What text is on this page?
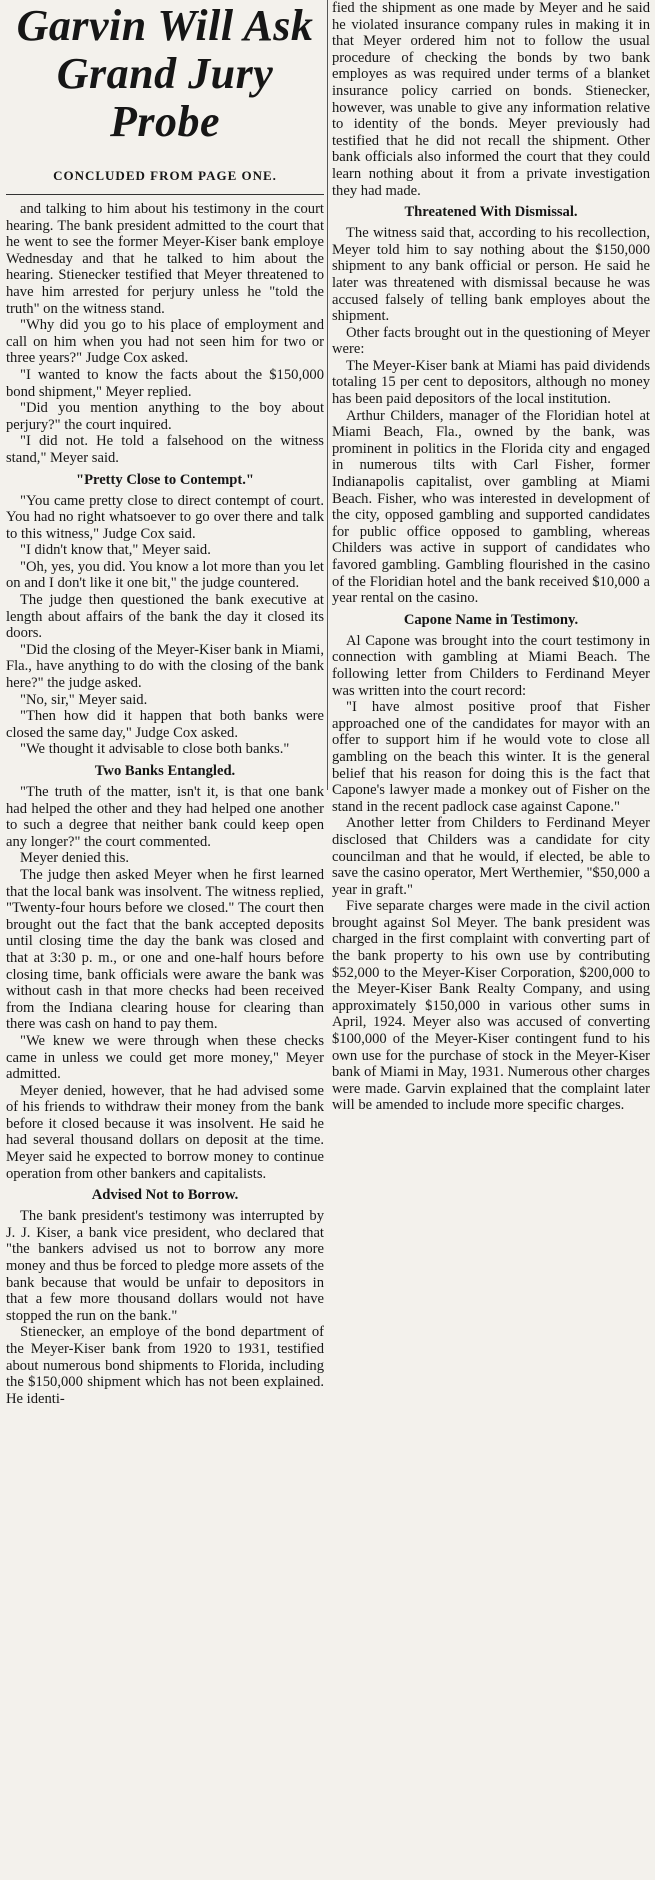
Garvin Will Ask Grand Jury Probe
CONCLUDED FROM PAGE ONE.

and talking to him about his testimony in the court hearing. The bank president admitted to the court that he went to see the former Meyer-Kiser bank employe Wednesday and that he talked to him about the hearing. Stienecker testified that Meyer threatened to have him arrested for perjury unless he "told the truth" on the witness stand.

"Why did you go to his place of employment and call on him when you had not seen him for two or three years?" Judge Cox asked.

"I wanted to know the facts about the $150,000 bond shipment," Meyer replied.

"Did you mention anything to the boy about perjury?" the court inquired.

"I did not. He told a falsehood on the witness stand," Meyer said.

"Pretty Close to Contempt."

"You came pretty close to direct contempt of court. You had no right whatsoever to go over there and talk to this witness," Judge Cox said.

"I didn't know that," Meyer said.

"Oh, yes, you did. You know a lot more than you let on and I don't like it one bit," the judge countered.

The judge then questioned the bank executive at length about affairs of the bank the day it closed its doors.

"Did the closing of the Meyer-Kiser bank in Miami, Fla., have anything to do with the closing of the bank here?" the judge asked.

"No, sir," Meyer said.

"Then how did it happen that both banks were closed the same day," Judge Cox asked.

"We thought it advisable to close both banks."

Two Banks Entangled.

"The truth of the matter, isn't it, is that one bank had helped the other and they had helped one another to such a degree that neither bank could keep open any longer?" the court commented.

Meyer denied this.

The judge then asked Meyer when he first learned that the local bank was insolvent. The witness replied, "Twenty-four hours before we closed." The court then brought out the fact that the bank accepted deposits until closing time the day the bank was closed and that at 3:30 p. m., or one and one-half hours before closing time, bank officials were aware the bank was without cash in that more checks had been received from the Indiana clearing house for clearing than there was cash on hand to pay them.

"We knew we were through when these checks came in unless we could get more money," Meyer admitted.

Meyer denied, however, that he had advised some of his friends to withdraw their money from the bank before it closed because it was insolvent. He said he had several thousand dollars on deposit at the time. Meyer said he expected to borrow money to continue operation from other bankers and capitalists.

Advised Not to Borrow.

The bank president's testimony was interrupted by J. J. Kiser, a bank vice president, who declared that "the bankers advised us not to borrow any more money and thus be forced to pledge more assets of the bank because that would be unfair to depositors in that a few more thousand dollars would not have stopped the run on the bank."

Stienecker, an employe of the bond department of the Meyer-Kiser bank from 1920 to 1931, testified about numerous bond shipments to Florida, including the $150,000 shipment which has not been explained. He identi-

fied the shipment as one made by Meyer and he said he violated insurance company rules in making it in that Meyer ordered him not to follow the usual procedure of checking the bonds by two bank employes as was required under terms of a blanket insurance policy carried on bonds. Stienecker, however, was unable to give any information relative to identity of the bonds. Meyer previously had testified that he did not recall the shipment. Other bank officials also informed the court that they could learn nothing about it from a private investigation they had made.

Threatened With Dismissal.

The witness said that, according to his recollection, Meyer told him to say nothing about the $150,000 shipment to any bank official or person. He said he later was threatened with dismissal because he was accused falsely of telling bank employes about the shipment.

Other facts brought out in the questioning of Meyer were:

The Meyer-Kiser bank at Miami has paid dividends totaling 15 per cent to depositors, although no money has been paid depositors of the local institution.

Arthur Childers, manager of the Floridian hotel at Miami Beach, Fla., owned by the bank, was prominent in politics in the Florida city and engaged in numerous tilts with Carl Fisher, former Indianapolis capitalist, over gambling at Miami Beach. Fisher, who was interested in development of the city, opposed gambling and supported candidates for public office opposed to gambling, whereas Childers was active in support of candidates who favored gambling. Gambling flourished in the casino of the Floridian hotel and the bank received $10,000 a year rental on the casino.

Capone Name in Testimony.

Al Capone was brought into the court testimony in connection with gambling at Miami Beach. The following letter from Childers to Ferdinand Meyer was written into the court record:

"I have almost positive proof that Fisher approached one of the candidates for mayor with an offer to support him if he would vote to close all gambling on the beach this winter. It is the general belief that his reason for doing this is the fact that Capone's lawyer made a monkey out of Fisher on the stand in the recent padlock case against Capone."

Another letter from Childers to Ferdinand Meyer disclosed that Childers was a candidate for city councilman and that he would, if elected, be able to save the casino operator, Mert Werthemier, "$50,000 a year in graft."

Five separate charges were made in the civil action brought against Sol Meyer. The bank president was charged in the first complaint with converting part of the bank property to his own use by contributing $52,000 to the Meyer-Kiser Corporation, $200,000 to the Meyer-Kiser Bank Realty Company, and using approximately $150,000 in various other sums in April, 1924. Meyer also was accused of converting $100,000 of the Meyer-Kiser contingent fund to his own use for the purchase of stock in the Meyer-Kiser bank of Miami in May, 1931. Numerous other charges were made. Garvin explained that the complaint later will be amended to include more specific charges.
